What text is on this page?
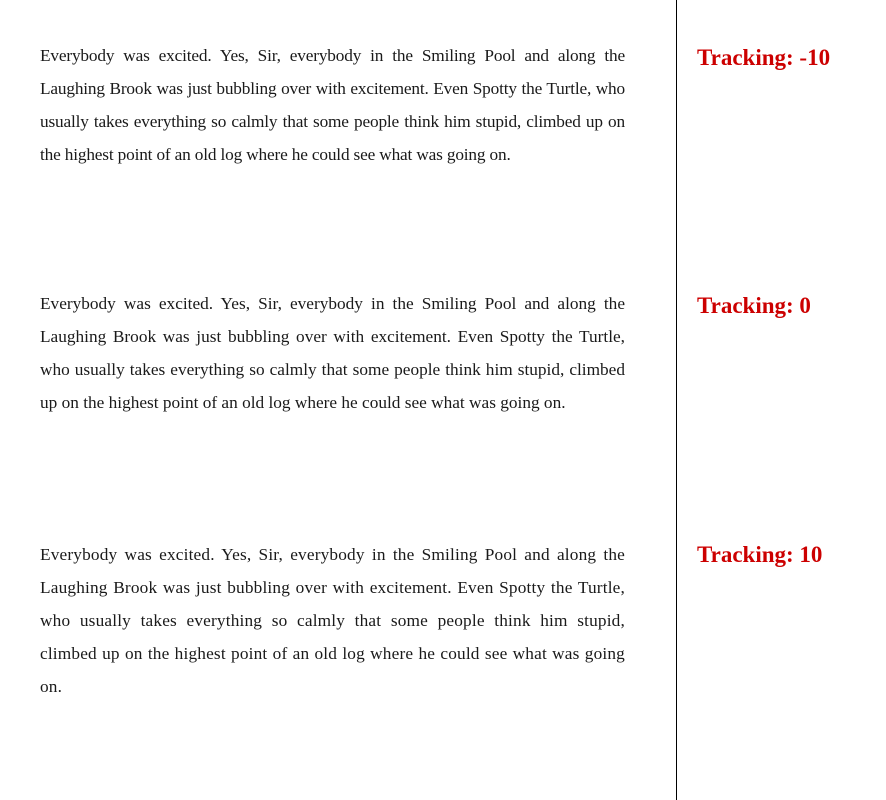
Everybody was excited. Yes, Sir, everybody in the Smiling Pool and along the Laughing Brook was just bubbling over with excitement. Even Spotty the Turtle, who usually takes everything so calmly that some people think him stupid, climbed up on the highest point of an old log where he could see what was going on.

Tracking: -10

Everybody was excited. Yes, Sir, everybody in the Smiling Pool and along the Laughing Brook was just bubbling over with excitement. Even Spotty the Turtle, who usually takes everything so calmly that some people think him stupid, climbed up on the highest point of an old log where he could see what was going on.

Tracking: 0

Everybody was excited. Yes, Sir, everybody in the Smiling Pool and along the Laughing Brook was just bubbling over with excitement. Even Spotty the Turtle, who usually takes everything so calmly that some people think him stupid, climbed up on the highest point of an old log where he could see what was going on.

Tracking: 10
